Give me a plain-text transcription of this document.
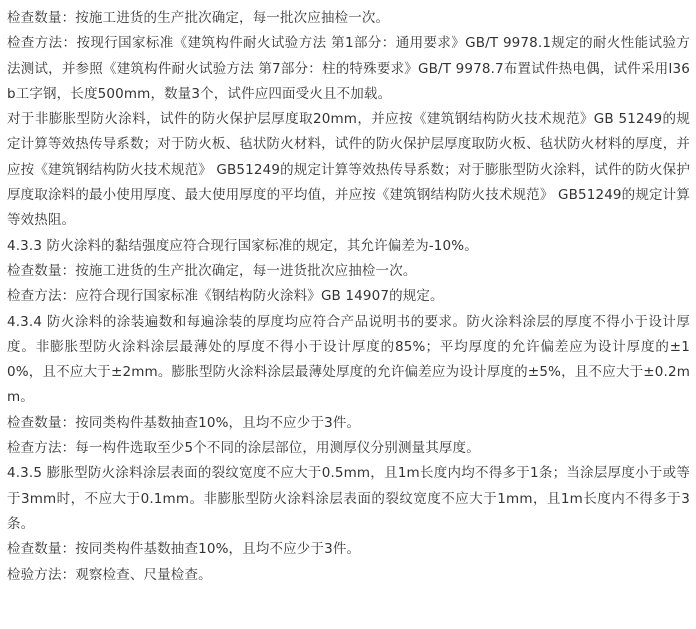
检查数量：按施工进货的生产批次确定，每一批次应抽检一次。

检查方法：按现行国家标准《建筑构件耐火试验方法 第1部分：通用要求》GB/T 9978.1规定的耐火性能试验方法测试，并参照《建筑构件耐火试验方法 第7部分：柱的特殊要求》GB/T 9978.7布置试件热电偶，试件采用I36b工字钢，长度500mm，数量3个，试件应四面受火且不加载。

对于非膨胀型防火涂料，试件的防火保护层厚度取20mm，并应按《建筑钢结构防火技术规范》GB 51249的规定计算等效热传导系数；对于防火板、毡状防火材料，试件的防火保护层厚度取防火板、毡状防火材料的厚度，并应按《建筑钢结构防火技术规范》 GB51249的规定计算等效热传导系数；对于膨胀型防火涂料，试件的防火保护厚度取涂料的最小使用厚度、最大使用厚度的平均值，并应按《建筑钢结构防火技术规范》 GB51249的规定计算等效热阻。

4.3.3 防火涂料的黏结强度应符合现行国家标准的规定，其允许偏差为-10%。

检查数量：按施工进货的生产批次确定，每一进货批次应抽检一次。

检查方法：应符合现行国家标准《钢结构防火涂料》GB 14907的规定。

4.3.4 防火涂料的涂装遍数和每遍涂装的厚度均应符合产品说明书的要求。防火涂料涂层的厚度不得小于设计厚度。非膨胀型防火涂料涂层最薄处的厚度不得小于设计厚度的85%；平均厚度的允许偏差应为设计厚度的±10%，且不应大于±2mm。膨胀型防火涂料涂层最薄处厚度的允许偏差应为设计厚度的±5%，且不应大于±0.2mm。

检查数量：按同类构件基数抽查10%，且均不应少于3件。

检查方法：每一构件选取至少5个不同的涂层部位，用测厚仪分别测量其厚度。

4.3.5 膨胀型防火涂料涂层表面的裂纹宽度不应大于0.5mm，且1m长度内均不得多于1条；当涂层厚度小于或等于3mm时，不应大于0.1mm。非膨胀型防火涂料涂层表面的裂纹宽度不应大于1mm，且1m长度内不得多于3条。

检查数量：按同类构件基数抽查10%，且均不应少于3件。

检验方法：观察检查、尺量检查。
